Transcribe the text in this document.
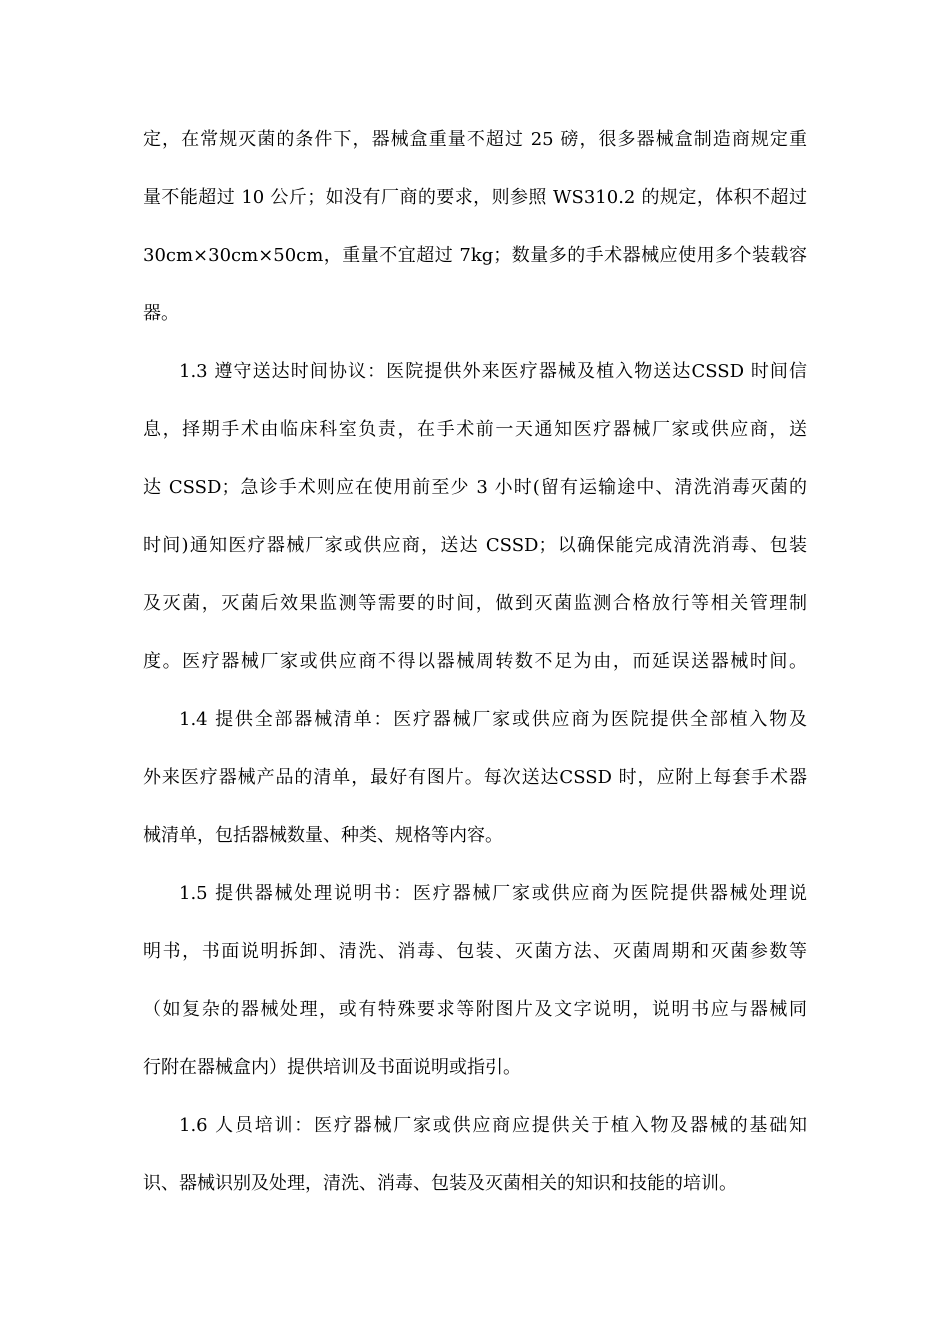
定，在常规灭菌的条件下，器械盒重量不超过 25 磅，很多器械盒制造商规定重
量不能超过 10 公斤；如没有厂商的要求，则参照 WS310.2 的规定，体积不超过
30cm×30cm×50cm，重量不宜超过 7kg；数量多的手术器械应使用多个装载容
器。
1.3 遵守送达时间协议：医院提供外来医疗器械及植入物送达CSSD 时间信
息，择期手术由临床科室负责，在手术前一天通知医疗器械厂家或供应商，送
达 CSSD；急诊手术则应在使用前至少 3 小时(留有运输途中、清洗消毒灭菌的
时间)通知医疗器械厂家或供应商，送达 CSSD；以确保能完成清洗消毒、包装
及灭菌，灭菌后效果监测等需要的时间，做到灭菌监测合格放行等相关管理制
度。医疗器械厂家或供应商不得以器械周转数不足为由，而延误送器械时间。
1.4 提供全部器械清单：医疗器械厂家或供应商为医院提供全部植入物及
外来医疗器械产品的清单，最好有图片。每次送达CSSD 时，应附上每套手术器
械清单，包括器械数量、种类、规格等内容。
1.5 提供器械处理说明书：医疗器械厂家或供应商为医院提供器械处理说
明书，书面说明拆卸、清洗、消毒、包装、灭菌方法、灭菌周期和灭菌参数等
（如复杂的器械处理，或有特殊要求等附图片及文字说明，说明书应与器械同
行附在器械盒内）提供培训及书面说明或指引。
1.6 人员培训：医疗器械厂家或供应商应提供关于植入物及器械的基础知
识、器械识别及处理，清洗、消毒、包装及灭菌相关的知识和技能的培训。
